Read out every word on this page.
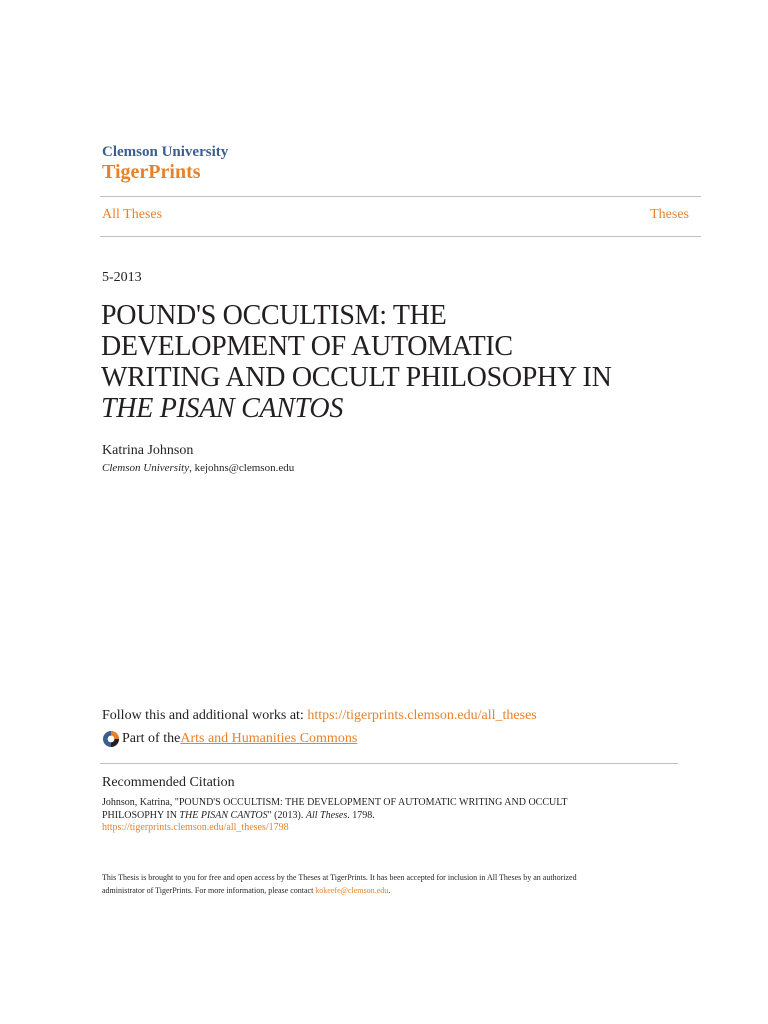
Clemson University
TigerPrints
All Theses	Theses
5-2013
POUND'S OCCULTISM: THE
DEVELOPMENT OF AUTOMATIC
WRITING AND OCCULT PHILOSOPHY IN
THE PISAN CANTOS
Katrina Johnson
Clemson University, kejohns@clemson.edu
Follow this and additional works at: https://tigerprints.clemson.edu/all_theses
Part of the Arts and Humanities Commons
Recommended Citation
Johnson, Katrina, "POUND'S OCCULTISM: THE DEVELOPMENT OF AUTOMATIC WRITING AND OCCULT
PHILOSOPHY IN THE PISAN CANTOS" (2013). All Theses. 1798.
https://tigerprints.clemson.edu/all_theses/1798
This Thesis is brought to you for free and open access by the Theses at TigerPrints. It has been accepted for inclusion in All Theses by an authorized
administrator of TigerPrints. For more information, please contact kokeefe@clemson.edu.
